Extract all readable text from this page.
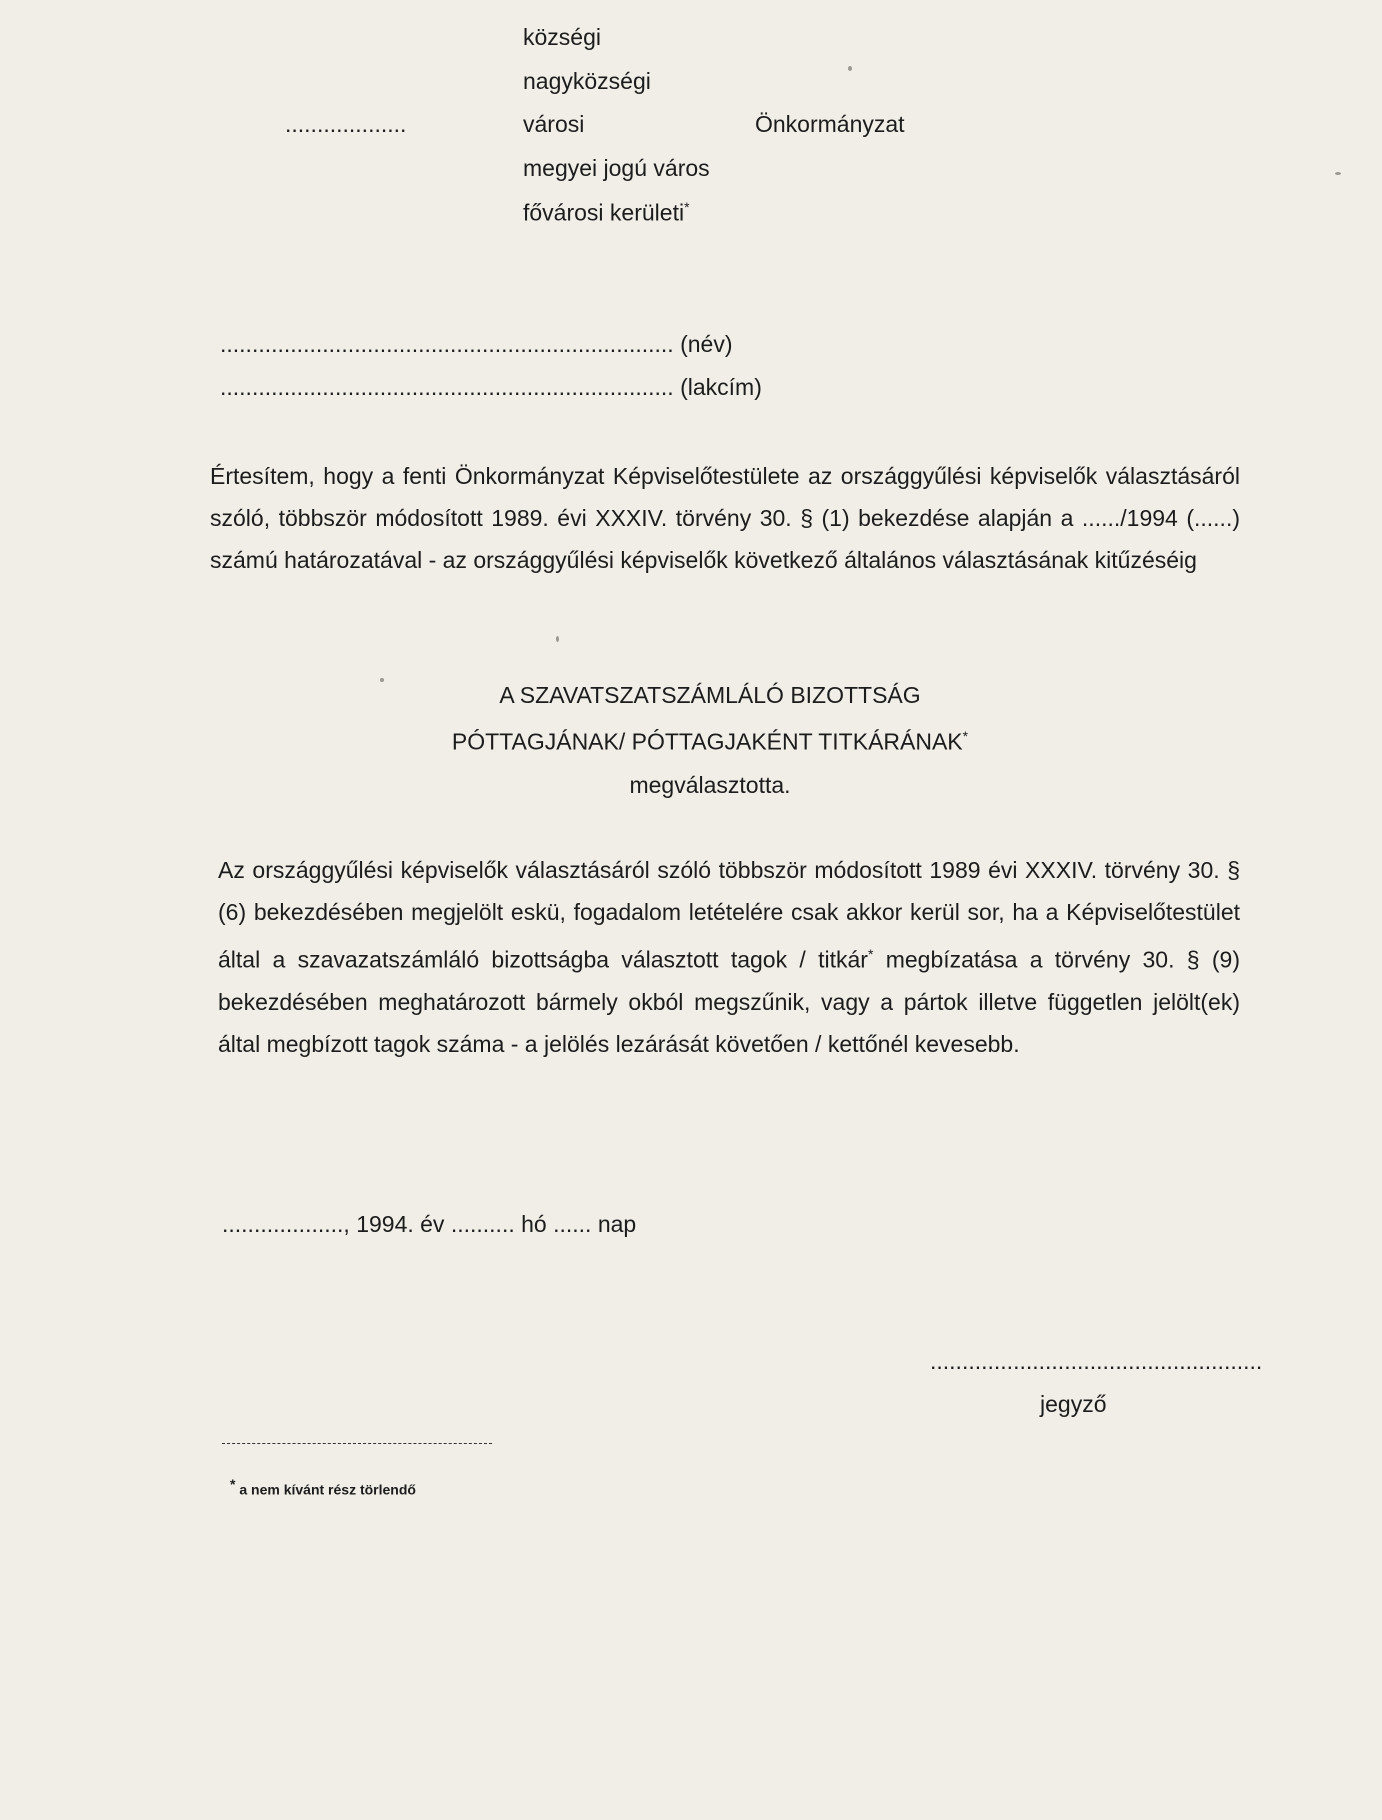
községi
nagyközségi
...................	városi	Önkormányzat
megyei jogú város
fővárosi kerületi*
....................................................................... (név)
....................................................................... (lakcím)
Értesítem, hogy a fenti Önkormányzat Képviselőtestülete az országgyűlési képviselők választásáról szóló, többször módosított 1989. évi XXXIV. törvény 30. § (1) bekezdése alapján a ....../1994 (......) számú határozatával - az országgyűlési képviselők következő általános választásának kitűzéséig
A SZAVATSZATSZÁMLÁLÓ BIZOTTSÁG
PÓTTAGJÁNAK/ PÓTTAGJAKÉNT TITKÁRÁNAK*
megválasztotta.
Az országgyűlési képviselők választásáról szóló többször módosított 1989 évi XXXIV. törvény 30. § (6) bekezdésében megjelölt eskü, fogadalom letételére csak akkor kerül sor, ha a Képviselőtestület által a szavazatszámláló bizottságba választott tagok / titkár* megbízatása a törvény 30. § (9) bekezdésében meghatározott bármely okból megszűnik, vagy a pártok illetve független jelölt(ek) által megbízott tagok száma - a jelölés lezárását követően / kettőnél kevesebb.
..................., 1994. év .......... hó ...... nap
....................................................
jegyző
* a nem kívánt rész törlendő
